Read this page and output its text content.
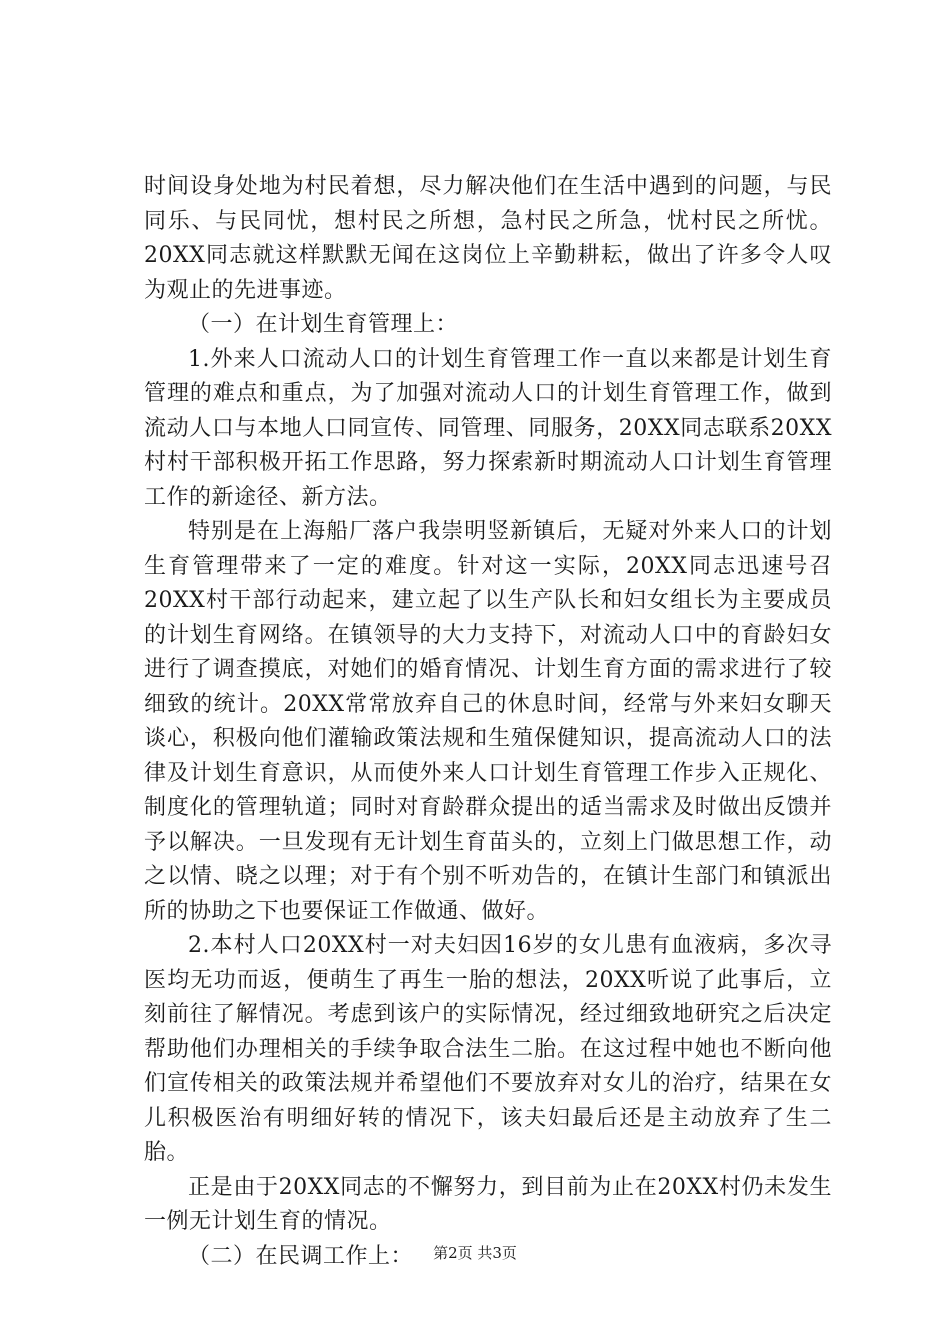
时间设身处地为村民着想，尽力解决他们在生活中遇到的问题，与民同乐、与民同忧，想村民之所想，急村民之所急，忧村民之所忧。20XX同志就这样默默无闻在这岗位上辛勤耕耘，做出了许多令人叹为观止的先进事迹。

（一）在计划生育管理上：

1.外来人口流动人口的计划生育管理工作一直以来都是计划生育管理的难点和重点，为了加强对流动人口的计划生育管理工作，做到流动人口与本地人口同宣传、同管理、同服务，20XX同志联系20XX村村干部积极开拓工作思路，努力探索新时期流动人口计划生育管理工作的新途径、新方法。

特别是在上海船厂落户我崇明竖新镇后，无疑对外来人口的计划生育管理带来了一定的难度。针对这一实际，20XX同志迅速号召20XX村干部行动起来，建立起了以生产队长和妇女组长为主要成员的计划生育网络。在镇领导的大力支持下，对流动人口中的育龄妇女进行了调查摸底，对她们的婚育情况、计划生育方面的需求进行了较细致的统计。20XX常常放弃自己的休息时间，经常与外来妇女聊天谈心，积极向他们灌输政策法规和生殖保健知识，提高流动人口的法律及计划生育意识，从而使外来人口计划生育管理工作步入正规化、制度化的管理轨道；同时对育龄群众提出的适当需求及时做出反馈并予以解决。一旦发现有无计划生育苗头的，立刻上门做思想工作，动之以情、晓之以理；对于有个别不听劝告的，在镇计生部门和镇派出所的协助之下也要保证工作做通、做好。

2.本村人口20XX村一对夫妇因16岁的女儿患有血液病，多次寻医均无功而返，便萌生了再生一胎的想法，20XX听说了此事后，立刻前往了解情况。考虑到该户的实际情况，经过细致地研究之后决定帮助他们办理相关的手续争取合法生二胎。在这过程中她也不断向他们宣传相关的政策法规并希望他们不要放弃对女儿的治疗，结果在女儿积极医治有明细好转的情况下，该夫妇最后还是主动放弃了生二胎。

正是由于20XX同志的不懈努力，到目前为止在20XX村仍未发生一例无计划生育的情况。

（二）在民调工作上：	第2页 共3页
